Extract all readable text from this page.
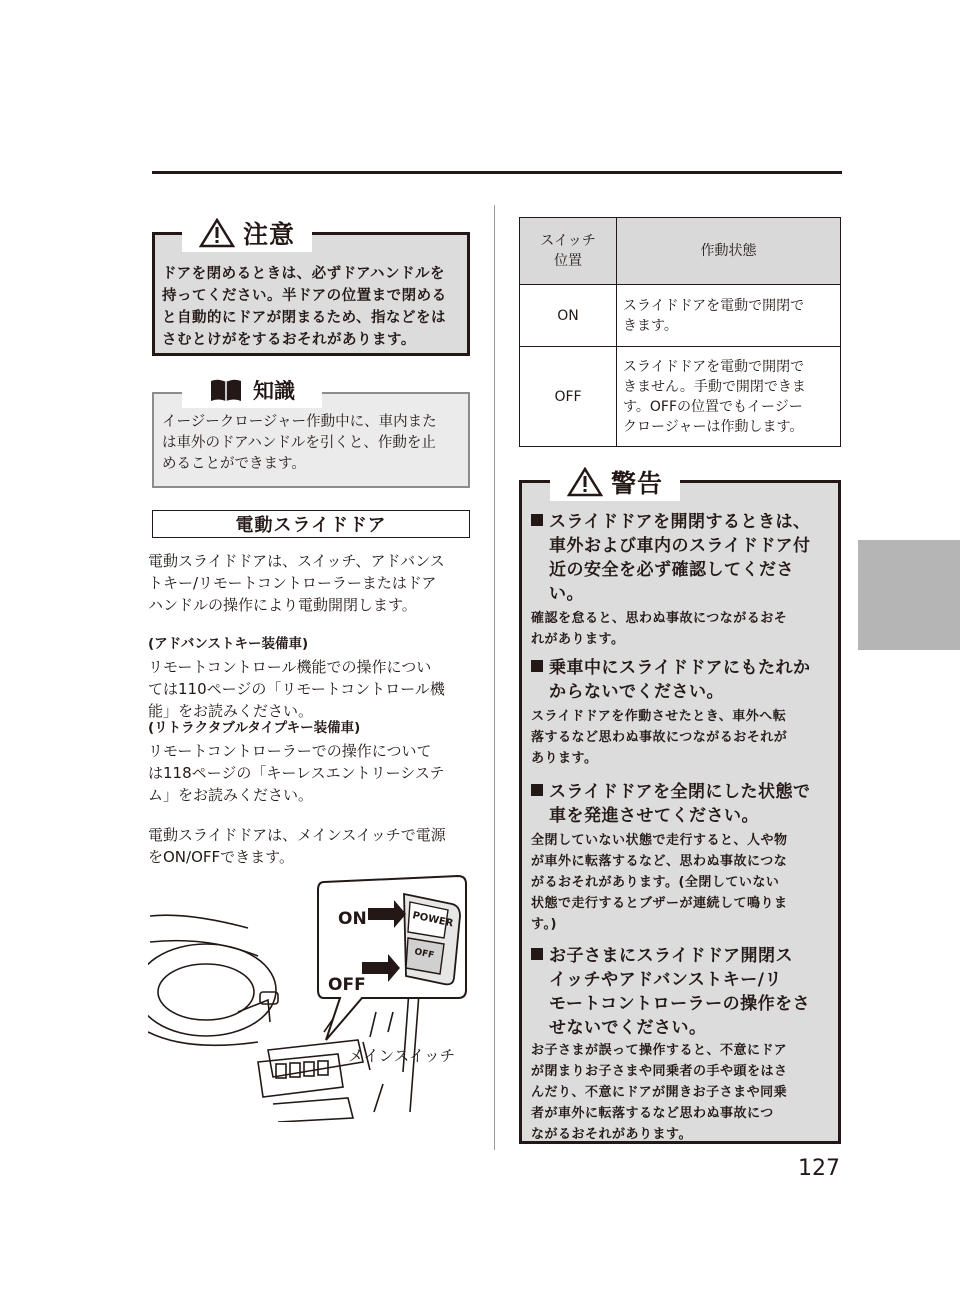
注意
ドアを閉めるときは、必ずドアハンドルを
持ってください。半ドアの位置まで閉める
と自動的にドアが閉まるため、指などをは
さむとけがをするおそれがあります。
知識
イージークロージャー作動中に、車内また
は車外のドアハンドルを引くと、作動を止
めることができます。
電動スライドドア
電動スライドドアは、スイッチ、アドバンス
トキー/リモートコントローラーまたはドア
ハンドルの操作により電動開閉します。
(アドバンストキー装備車)
リモートコントロール機能での操作につい
ては110ページの「リモートコントロール機
能」をお読みください。
(リトラクタブルタイプキー装備車)
リモートコントローラーでの操作について
は118ページの「キーレスエントリーシステ
ム」をお読みください。
電動スライドドアは、メインスイッチで電源
をON/OFFできます。
POWER
OFF
ON
OFF
メインスイッチ
スイッチ
位置	作動状態
ON	スライドドアを電動で開閉で
きます。

OFF	スライドドアを電動で開閉で
きません。手動で開閉できま
す。OFFの位置でもイージー
クロージャーは作動します。
警告
スライドドアを開閉するときは、
車外および車内のスライドドア付
近の安全を必ず確認してくださ
い。
確認を怠ると、思わぬ事故につながるおそ
れがあります。
乗車中にスライドドアにもたれか
からないでください。
スライドドアを作動させたとき、車外へ転
落するなど思わぬ事故につながるおそれが
あります。
スライドドアを全閉にした状態で
車を発進させてください。
全閉していない状態で走行すると、人や物
が車外に転落するなど、思わぬ事故につな
がるおそれがあります。(全閉していない
状態で走行するとブザーが連続して鳴りま
す。)
お子さまにスライドドア開閉ス
イッチやアドバンストキー/リ
モートコントローラーの操作をさ
せないでください。
お子さまが誤って操作すると、不意にドア
が閉まりお子さまや同乗者の手や頭をはさ
んだり、不意にドアが開きお子さまや同乗
者が車外に転落するなど思わぬ事故につ
ながるおそれがあります。
127
